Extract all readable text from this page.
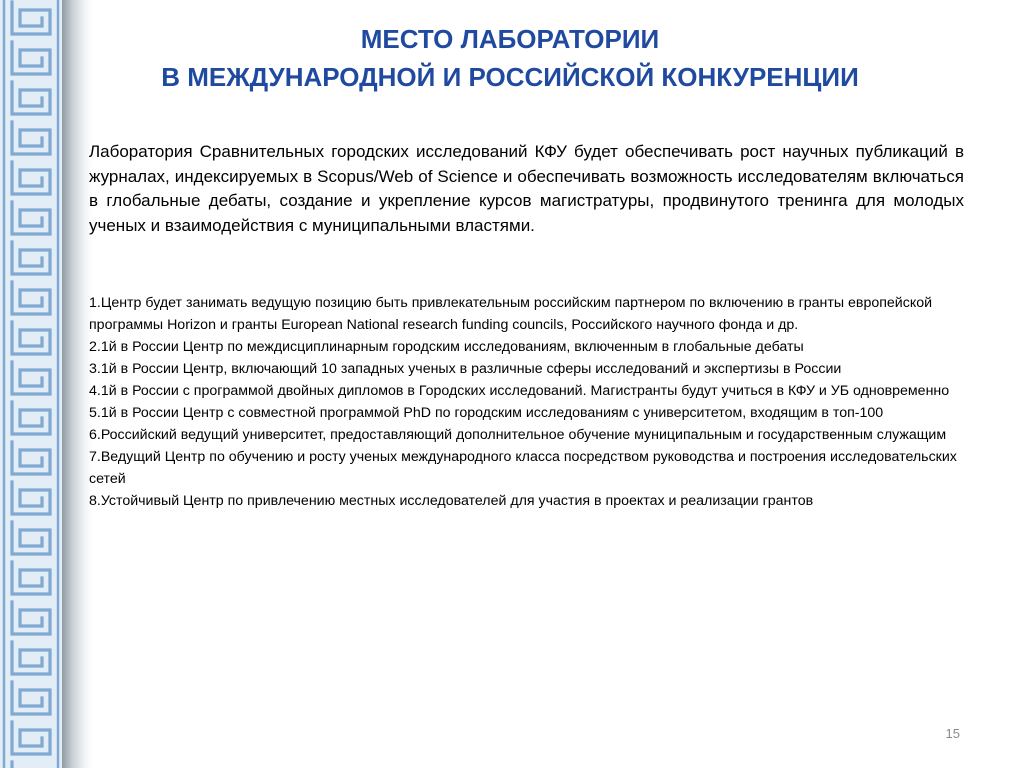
МЕСТО ЛАБОРАТОРИИ
В МЕЖДУНАРОДНОЙ И РОССИЙСКОЙ КОНКУРЕНЦИИ

Лаборатория Сравнительных городских исследований КФУ будет обеспечивать рост научных публикаций в журналах, индексируемых в Scopus/Web of Science и обеспечивать возможность исследователям включаться в глобальные дебаты, создание и укрепление курсов магистратуры, продвинутого тренинга для молодых ученых и взаимодействия с муниципальными властями.

1.Центр будет занимать ведущую позицию быть привлекательным российским партнером по включению в гранты европейской программы Horizon и гранты European National research funding councils, Российского научного фонда и др.
2.1й в России Центр по междисциплинарным городским исследованиям, включенным в глобальные дебаты
3.1й в России Центр, включающий 10 западных ученых в различные сферы исследований и экспертизы в России
4.1й в России с программой двойных дипломов в Городских исследований. Магистранты будут учиться в КФУ и УБ одновременно
5.1й в России Центр с совместной программой PhD по городским исследованиям с университетом, входящим в топ-100
6.Российский ведущий университет, предоставляющий дополнительное обучение муниципальным и государственным служащим
7.Ведущий Центр по обучению и росту ученых международного класса посредством руководства и построения исследовательских сетей
8.Устойчивый Центр по привлечению местных исследователей для участия в проектах и реализации грантов
15
